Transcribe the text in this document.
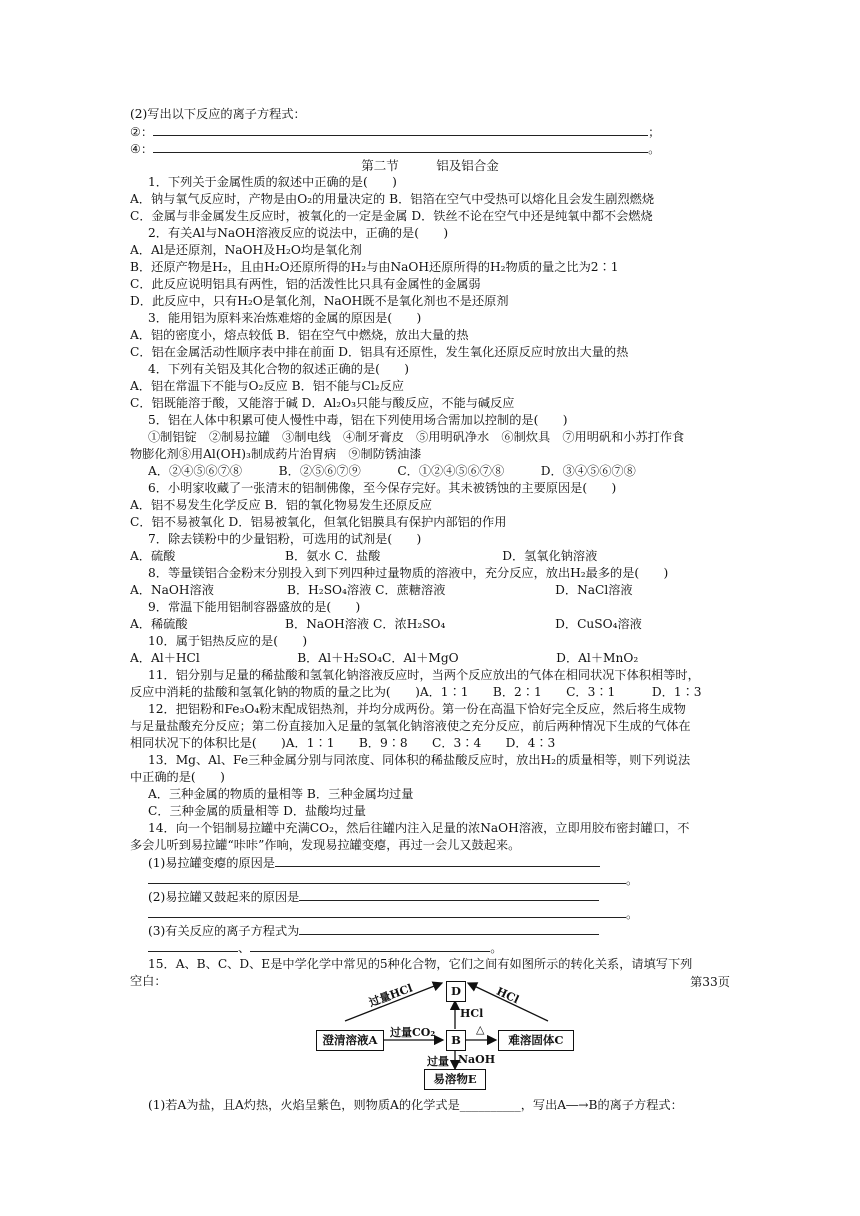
(2)写出以下反应的离子方程式：
②：	；
④：	。
第二节　　　铝及铝合金
1．下列关于金属性质的叙述中正确的是(　　)
A．钠与氧气反应时，产物是由O₂的用量决定的 B．铝箔在空气中受热可以熔化且会发生剧烈燃烧
C．金属与非金属发生反应时，被氧化的一定是金属 D．铁丝不论在空气中还是纯氧中都不会燃烧
2．有关Al与NaOH溶液反应的说法中，正确的是(　　)
A．Al是还原剂，NaOH及H₂O均是氧化剂
B．还原产物是H₂，且由H₂O还原所得的H₂与由NaOH还原所得的H₂物质的量之比为2∶1
C．此反应说明铝具有两性，铝的活泼性比只具有金属性的金属弱
D．此反应中，只有H₂O是氧化剂，NaOH既不是氧化剂也不是还原剂
3．能用铝为原料来冶炼难熔的金属的原因是(　　)
A．铝的密度小，熔点较低 B．铝在空气中燃烧，放出大量的热
C．铝在金属活动性顺序表中排在前面 D．铝具有还原性，发生氧化还原反应时放出大量的热
4．下列有关铝及其化合物的叙述正确的是(　　)
A．铝在常温下不能与O₂反应 B．铝不能与Cl₂反应
C．铝既能溶于酸，又能溶于碱 D．Al₂O₃只能与酸反应，不能与碱反应
5．铝在人体中积累可使人慢性中毒，铝在下列使用场合需加以控制的是(　　)
①制铝锭　②制易拉罐　③制电线　④制牙膏皮　⑤用明矾净水　⑥制炊具　⑦用明矾和小苏打作食
物膨化剂⑧用Al(OH)₃制成药片治胃病　⑨制防锈油漆
A．②④⑤⑥⑦⑧　　　B．②⑤⑥⑦⑨　　　C．①②④⑤⑥⑦⑧　　　D．③④⑤⑥⑦⑧
6．小明家收藏了一张清末的铝制佛像，至今保存完好。其未被锈蚀的主要原因是(　　)
A．铝不易发生化学反应 B．铝的氧化物易发生还原反应
C．铝不易被氧化 D．铝易被氧化，但氧化铝膜具有保护内部铝的作用
7．除去镁粉中的少量铝粉，可选用的试剂是(　　)
A．硫酸　　　　　　　　　B．氨水 C．盐酸　　　　　　　　　　D．氢氧化钠溶液
8．等量镁铝合金粉末分别投入到下列四种过量物质的溶液中，充分反应，放出H₂最多的是(　　)
A．NaOH溶液　　　　　　B．H₂SO₄溶液 C．蔗糖溶液　　　　　　　　　D．NaCl溶液
9．常温下能用铝制容器盛放的是(　　)
A．稀硫酸　　　　　　　　B．NaOH溶液 C．浓H₂SO₄　　　　　　　　　D．CuSO₄溶液
10．属于铝热反应的是(　　)
A．Al＋HCl　　　　　　　　B．Al＋H₂SO₄C．Al＋MgO　　　　　　　　D．Al＋MnO₂
11．铝分别与足量的稀盐酸和氢氧化钠溶液反应时，当两个反应放出的气体在相同状况下体积相等时，
反应中消耗的盐酸和氢氧化钠的物质的量之比为(　　)A．1∶1　　B．2∶1　　C．3∶1　　　D．1∶3
12．把铝粉和Fe₃O₄粉末配成铝热剂，并均分成两份。第一份在高温下恰好完全反应，然后将生成物
与足量盐酸充分反应；第二份直接加入足量的氢氧化钠溶液使之充分反应，前后两种情况下生成的气体在
相同状况下的体积比是(　　)A．1∶1　　B．9∶8　　C．3∶4　　D．4∶3
13．Mg、Al、Fe三种金属分别与同浓度、同体积的稀盐酸反应时，放出H₂的质量相等，则下列说法
中正确的是(　　)
A．三种金属的物质的量相等 B．三种金属均过量
C．三种金属的质量相等 D．盐酸均过量
14．向一个铝制易拉罐中充满CO₂，然后往罐内注入足量的浓NaOH溶液，立即用胶布密封罐口，不
多会儿听到易拉罐“咔咔”作响，发现易拉罐变瘪，再过一会儿又鼓起来。
(1)易拉罐变瘪的原因是
。
(2)易拉罐又鼓起来的原因是
。
(3)有关反应的离子方程式为
、	。
15．A、B、C、D、E是中学化学中常见的5种化合物，它们之间有如图所示的转化关系，请填写下列
空白：	第33页
D
澄清溶液A	B	难溶固体C
易溶物E
过量HCl	HCl
HCl
过量CO₂	△
过量 NaOH
(1)若A为盐，且A灼热，火焰呈紫色，则物质A的化学式是__________，写出A―→B的离子方程式：
